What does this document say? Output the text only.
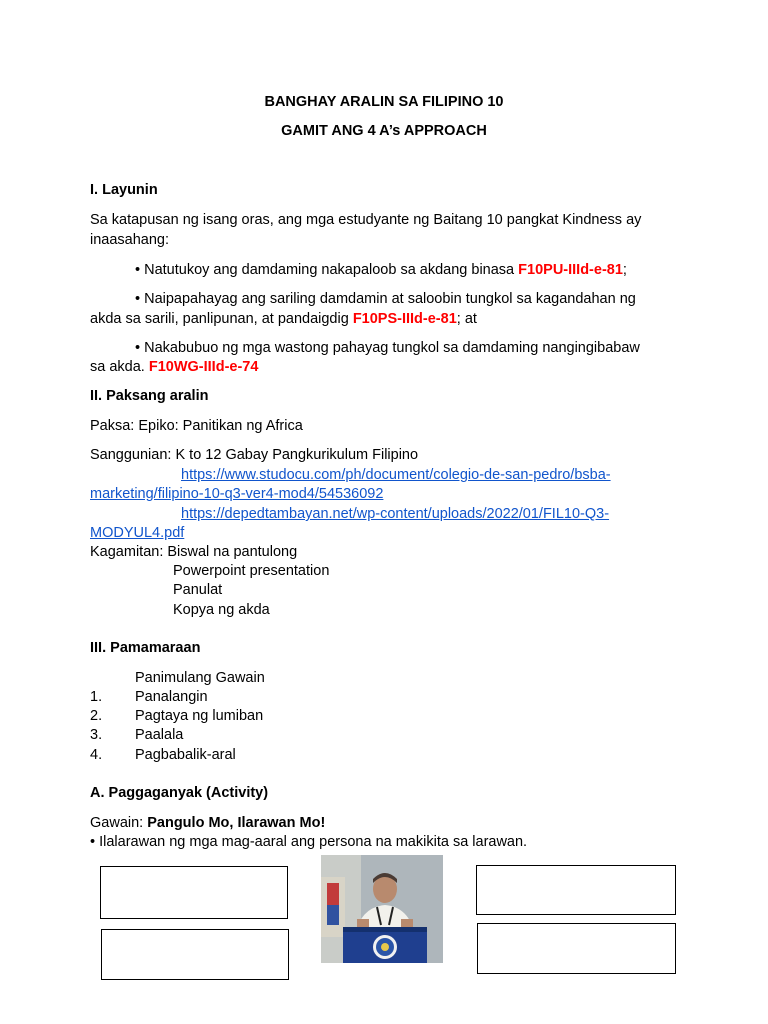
BANGHAY ARALIN SA FILIPINO 10
GAMIT ANG 4 A’s APPROACH
I. Layunin
Sa katapusan ng isang oras, ang mga estudyante ng Baitang 10 pangkat Kindness ay
inaasahang:
• Natutukoy ang damdaming nakapaloob sa akdang binasa F10PU-IIId-e-81;
• Naipapahayag ang sariling damdamin at saloobin tungkol sa kagandahan ng
akda sa sarili, panlipunan, at pandaigdig F10PS-IIId-e-81; at
• Nakabubuo ng mga wastong pahayag tungkol sa damdaming nangingibabaw
sa akda. F10WG-IIId-e-74
II. Paksang aralin
Paksa: Epiko: Panitikan ng Africa
Sanggunian: K to 12 Gabay Pangkurikulum Filipino
https://www.studocu.com/ph/document/colegio-de-san-pedro/bsba-
marketing/filipino-10-q3-ver4-mod4/54536092
https://depedtambayan.net/wp-content/uploads/2022/01/FIL10-Q3-
MODYUL4.pdf
Kagamitan: Biswal na pantulong
Powerpoint presentation
Panulat
Kopya ng akda
III. Pamamaraan
Panimulang Gawain
1. Panalangin
2. Pagtaya ng lumiban
3. Paalala
4. Pagbabalik-aral
A. Paggaganyak (Activity)
Gawain: Pangulo Mo, Ilarawan Mo!
• Ilalarawan ng mga mag-aaral ang persona na makikita sa larawan.
